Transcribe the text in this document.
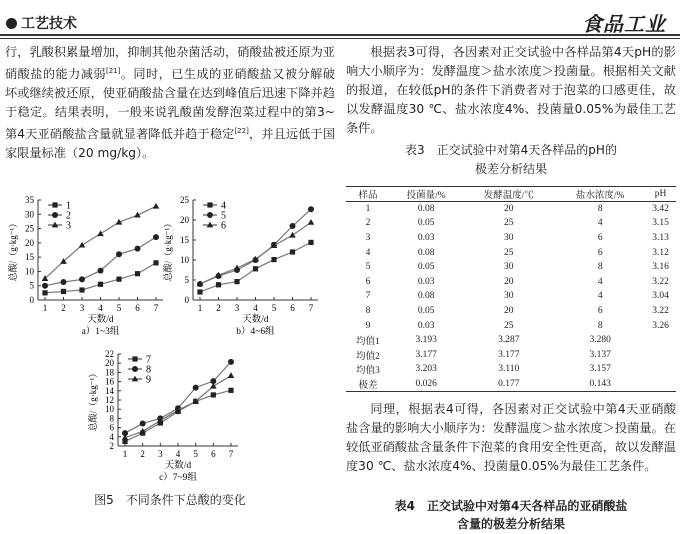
工艺技术	食品工业

行，乳酸积累量增加，抑制其他杂菌活动，硝酸盐被还原为亚硝酸盐的能力减弱[21]。同时，已生成的亚硝酸盐又被分解破坏或继续被还原，使亚硝酸盐含量在达到峰值后迅速下降并趋于稳定。结果表明，一般来说乳酸菌发酵泡菜过程中的第3~第4天亚硝酸盐含量就显著降低并趋于稳定[22]，并且远低于国家限量标准（20 mg/kg）。

0
5
10
15
20
25
30
35
1 2 3 4 5 6 7
天数/d
a）1~3组
总酸/（g·kg⁻¹）
1
2
3
0
5
10
15
20
25
1 2 3 4 5 6 7
天数/d
b）4~6组
总酸/（g·kg⁻¹）
4
5
6
2
4
6
8
10
12
14
16
18
20
22
1 2 3 4 5 6 7
天数/d
c）7~9组
总酸/（g·kg⁻¹）
7
8
9
图5　不同条件下总酸的变化
根据表3可得，各因素对正交试验中各样品第4天pH的影响大小顺序为：发酵温度＞盐水浓度＞投菌量。根据相关文献的报道，在较低pH的条件下消费者对于泡菜的口感更佳，故以发酵温度30 ℃、盐水浓度4%、投菌量0.05%为最佳工艺条件。
表3　正交试验中对第4天各样品的pH的
极差分析结果
样品	投菌量/%	发酵温度/℃	盐水浓度/%	pH
1	0.08	20	8	3.42
2	0.05	25	4	3.15
3	0.03	30	6	3.13
4	0.08	25	6	3.12
5	0.05	30	8	3.16
6	0.03	20	4	3.22
7	0.08	30	4	3.04
8	0.05	20	6	3.22
9	0.03	25	8	3.26
均值1	3.193	3.287	3.280	
均值2	3.177	3.177	3.137	
均值3	3.203	3.110	3.157	
极差	0.026	0.177	0.143	
同理，根据表4可得，各因素对正交试验中第4天亚硝酸盐含量的影响大小顺序为：发酵温度＞盐水浓度＞投菌量。在较低亚硝酸盐含量条件下泡菜的食用安全性更高，故以发酵温度30 ℃、盐水浓度4%、投菌量0.05%为最佳工艺条件。
表4　正交试验中对第4天各样品的亚硝酸盐
含量的极差分析结果
